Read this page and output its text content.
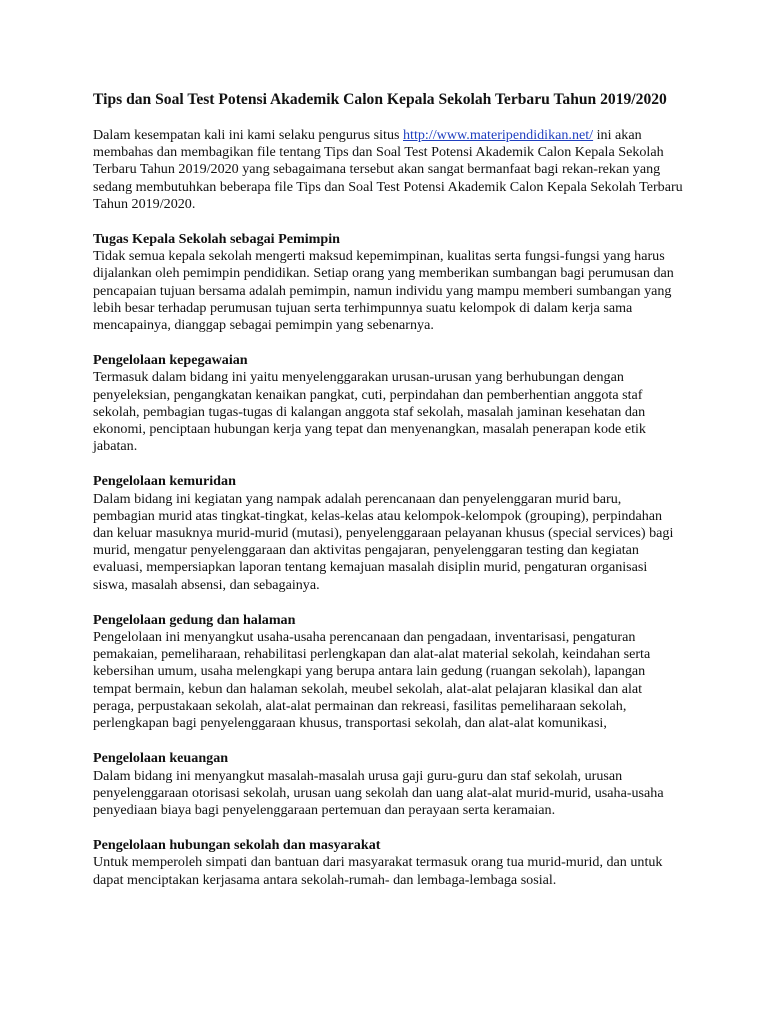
Tips dan Soal Test Potensi Akademik Calon Kepala Sekolah Terbaru Tahun 2019/2020

Dalam kesempatan kali ini kami selaku pengurus situs http://www.materipendidikan.net/ ini akan membahas dan membagikan file tentang Tips dan Soal Test Potensi Akademik Calon Kepala Sekolah Terbaru Tahun 2019/2020 yang sebagaimana tersebut akan sangat bermanfaat bagi rekan-rekan yang sedang membutuhkan beberapa file Tips dan Soal Test Potensi Akademik Calon Kepala Sekolah Terbaru Tahun 2019/2020.

Tugas Kepala Sekolah sebagai Pemimpin

Tidak semua kepala sekolah mengerti maksud kepemimpinan, kualitas serta fungsi-fungsi yang harus dijalankan oleh pemimpin pendidikan. Setiap orang yang memberikan sumbangan bagi perumusan dan pencapaian tujuan bersama adalah pemimpin, namun individu yang mampu memberi sumbangan yang lebih besar terhadap perumusan tujuan serta terhimpunnya suatu kelompok di dalam kerja sama mencapainya, dianggap sebagai pemimpin yang sebenarnya.

Pengelolaan kepegawaian

Termasuk dalam bidang ini yaitu menyelenggarakan urusan-urusan yang berhubungan dengan penyeleksian, pengangkatan kenaikan pangkat, cuti, perpindahan dan pemberhentian anggota staf sekolah, pembagian tugas-tugas di kalangan anggota staf sekolah, masalah jaminan kesehatan dan ekonomi, penciptaan hubungan kerja yang tepat dan menyenangkan, masalah penerapan kode etik jabatan.

Pengelolaan kemuridan

Dalam bidang ini kegiatan yang nampak adalah perencanaan dan penyelenggaran murid baru, pembagian murid atas tingkat-tingkat, kelas-kelas atau kelompok-kelompok (grouping), perpindahan dan keluar masuknya murid-murid (mutasi), penyelenggaraan pelayanan khusus (special services) bagi murid, mengatur penyelenggaraan dan aktivitas pengajaran, penyelenggaran testing dan kegiatan evaluasi, mempersiapkan laporan tentang kemajuan masalah disiplin murid, pengaturan organisasi siswa, masalah absensi, dan sebagainya.

Pengelolaan gedung dan halaman

Pengelolaan ini menyangkut usaha-usaha perencanaan dan pengadaan, inventarisasi, pengaturan pemakaian, pemeliharaan, rehabilitasi perlengkapan dan alat-alat material sekolah, keindahan serta kebersihan umum, usaha melengkapi yang berupa antara lain gedung (ruangan sekolah), lapangan tempat bermain, kebun dan halaman sekolah, meubel sekolah, alat-alat pelajaran klasikal dan alat peraga, perpustakaan sekolah, alat-alat permainan dan rekreasi, fasilitas pemeliharaan sekolah, perlengkapan bagi penyelenggaraan khusus, transportasi sekolah, dan alat-alat komunikasi,

Pengelolaan keuangan

Dalam bidang ini menyangkut masalah-masalah urusa gaji guru-guru dan staf sekolah, urusan penyelenggaraan otorisasi sekolah, urusan uang sekolah dan uang alat-alat murid-murid, usaha-usaha penyediaan biaya bagi penyelenggaraan pertemuan dan perayaan serta keramaian.

Pengelolaan hubungan sekolah dan masyarakat

Untuk memperoleh simpati dan bantuan dari masyarakat termasuk orang tua murid-murid, dan untuk dapat menciptakan kerjasama antara sekolah-rumah- dan lembaga-lembaga sosial.
